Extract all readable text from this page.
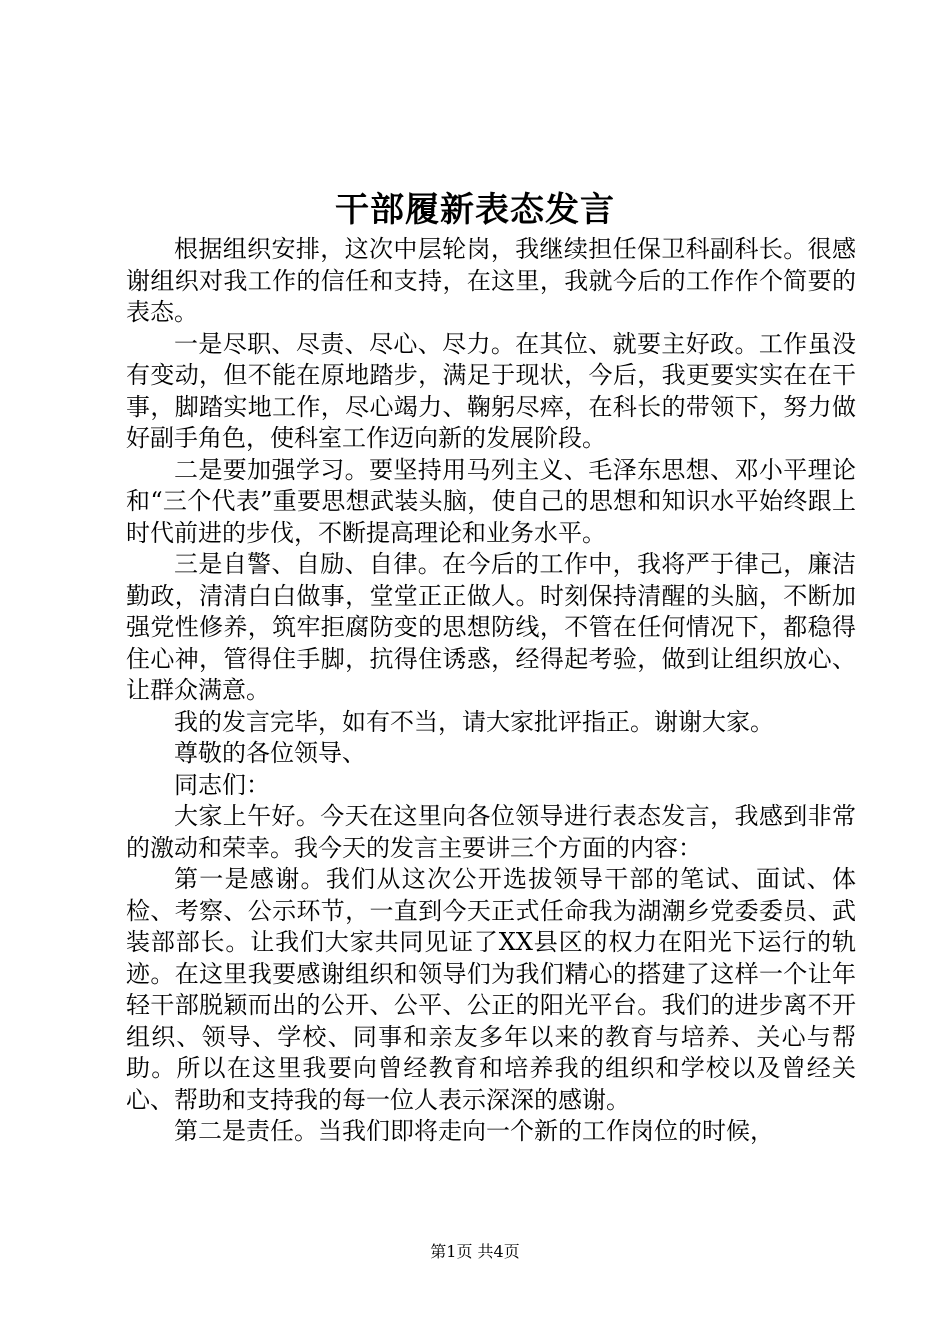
干部履新表态发言

根据组织安排，这次中层轮岗，我继续担任保卫科副科长。很感谢组织对我工作的信任和支持，在这里，我就今后的工作作个简要的表态。

一是尽职、尽责、尽心、尽力。在其位、就要主好政。工作虽没有变动，但不能在原地踏步，满足于现状，今后，我更要实实在在干事，脚踏实地工作，尽心竭力、鞠躬尽瘁，在科长的带领下，努力做好副手角色，使科室工作迈向新的发展阶段。

二是要加强学习。要坚持用马列主义、毛泽东思想、邓小平理论和“三个代表”重要思想武装头脑，使自己的思想和知识水平始终跟上时代前进的步伐，不断提高理论和业务水平。

三是自警、自励、自律。在今后的工作中，我将严于律己，廉洁勤政，清清白白做事，堂堂正正做人。时刻保持清醒的头脑，不断加强党性修养，筑牢拒腐防变的思想防线，不管在任何情况下，都稳得住心神，管得住手脚，抗得住诱惑，经得起考验，做到让组织放心、让群众满意。

我的发言完毕，如有不当，请大家批评指正。谢谢大家。

尊敬的各位领导、

同志们：

大家上午好。今天在这里向各位领导进行表态发言，我感到非常的激动和荣幸。我今天的发言主要讲三个方面的内容：

第一是感谢。我们从这次公开选拔领导干部的笔试、面试、体检、考察、公示环节，一直到今天正式任命我为湖潮乡党委委员、武装部部长。让我们大家共同见证了XX县区的权力在阳光下运行的轨迹。在这里我要感谢组织和领导们为我们精心的搭建了这样一个让年轻干部脱颖而出的公开、公平、公正的阳光平台。我们的进步离不开组织、领导、学校、同事和亲友多年以来的教育与培养、关心与帮助。所以在这里我要向曾经教育和培养我的组织和学校以及曾经关心、帮助和支持我的每一位人表示深深的感谢。

第二是责任。当我们即将走向一个新的工作岗位的时候，

第1页 共4页
